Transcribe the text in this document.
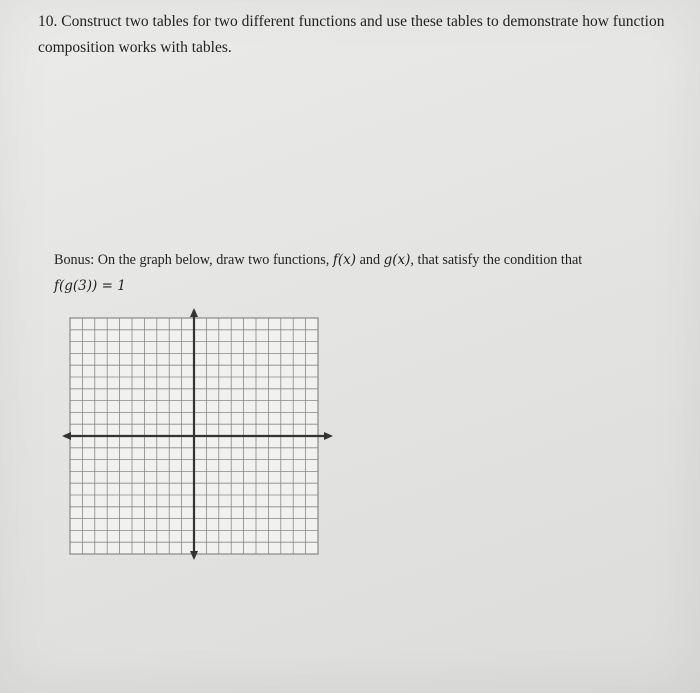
10. Construct two tables for two different functions and use these tables to demonstrate how function

composition works with tables.

Bonus: On the graph below, draw two functions, f(x) and g(x), that satisfy the condition that

f(g(3)) = 1
